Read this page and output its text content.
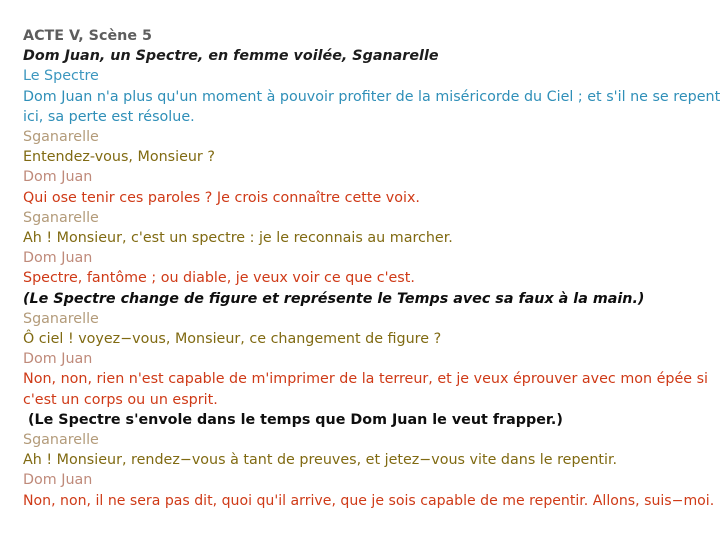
ACTE V, Scène 5
Dom Juan, un Spectre, en femme voilée, Sganarelle
Le Spectre
Dom Juan n'a plus qu'un moment à pouvoir profiter de la miséricorde du Ciel ; et s'il ne se repent ici, sa perte est résolue.
Sganarelle
Entendez-vous, Monsieur ?
Dom Juan
Qui ose tenir ces paroles ? Je crois connaître cette voix.
Sganarelle
Ah ! Monsieur, c'est un spectre : je le reconnais au marcher.
Dom Juan
Spectre, fantôme ; ou diable, je veux voir ce que c'est.
(Le Spectre change de figure et représente le Temps avec sa faux à la main.)
Sganarelle
Ô ciel ! voyez−vous, Monsieur, ce changement de figure ?
Dom Juan
Non, non, rien n'est capable de m'imprimer de la terreur, et je veux éprouver avec mon épée si c'est un corps ou un esprit.
(Le Spectre s'envole dans le temps que Dom Juan le veut frapper.)
Sganarelle
Ah ! Monsieur, rendez−vous à tant de preuves, et jetez−vous vite dans le repentir.
Dom Juan
Non, non, il ne sera pas dit, quoi qu'il arrive, que je sois capable de me repentir. Allons, suis−moi.
